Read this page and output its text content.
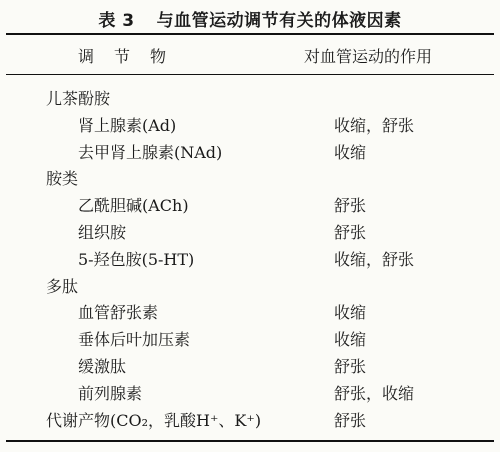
表 3 与血管运动调节有关的体液因素
调节物	对血管运动的作用
儿茶酚胺
肾上腺素(Ad)	收缩，舒张
去甲肾上腺素(NAd)	收缩
胺类
乙酰胆碱(ACh)	舒张
组织胺	舒张
5-羟色胺(5-HT)	收缩，舒张
多肽
血管舒张素	收缩
垂体后叶加压素	收缩
缓激肽	舒张
前列腺素	舒张，收缩
代谢产物(CO₂，乳酸H⁺、K⁺)	舒张
